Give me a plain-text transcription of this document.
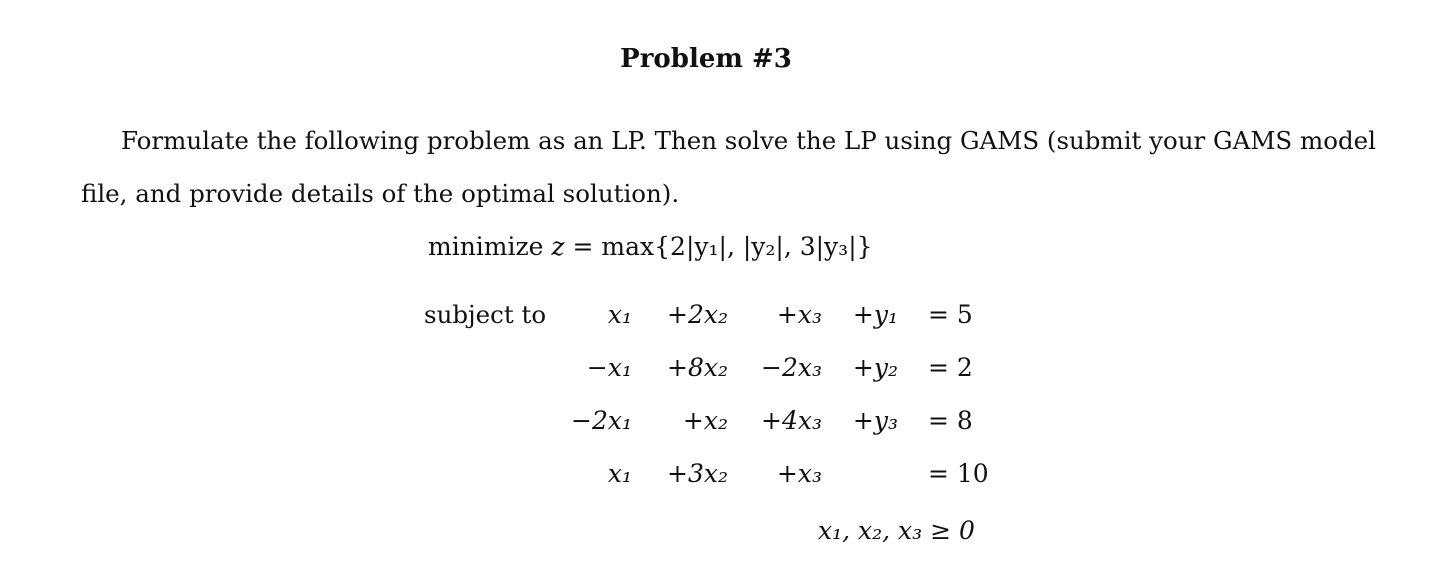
Problem #3
Formulate the following problem as an LP. Then solve the LP using GAMS (submit your GAMS model
file, and provide details of the optimal solution).
minimize z = max{2|y₁|, |y₂|, 3|y₃|}
subject to	x₁	+2x₂	+x₃ +y₁ = 5
−x₁	+8x₂	−2x₃ +y₂ = 2
−2x₁	+x₂	+4x₃ +y₃ = 8
x₁	+3x₂	+x₃	= 10
x₁, x₂, x₃ ≥ 0
